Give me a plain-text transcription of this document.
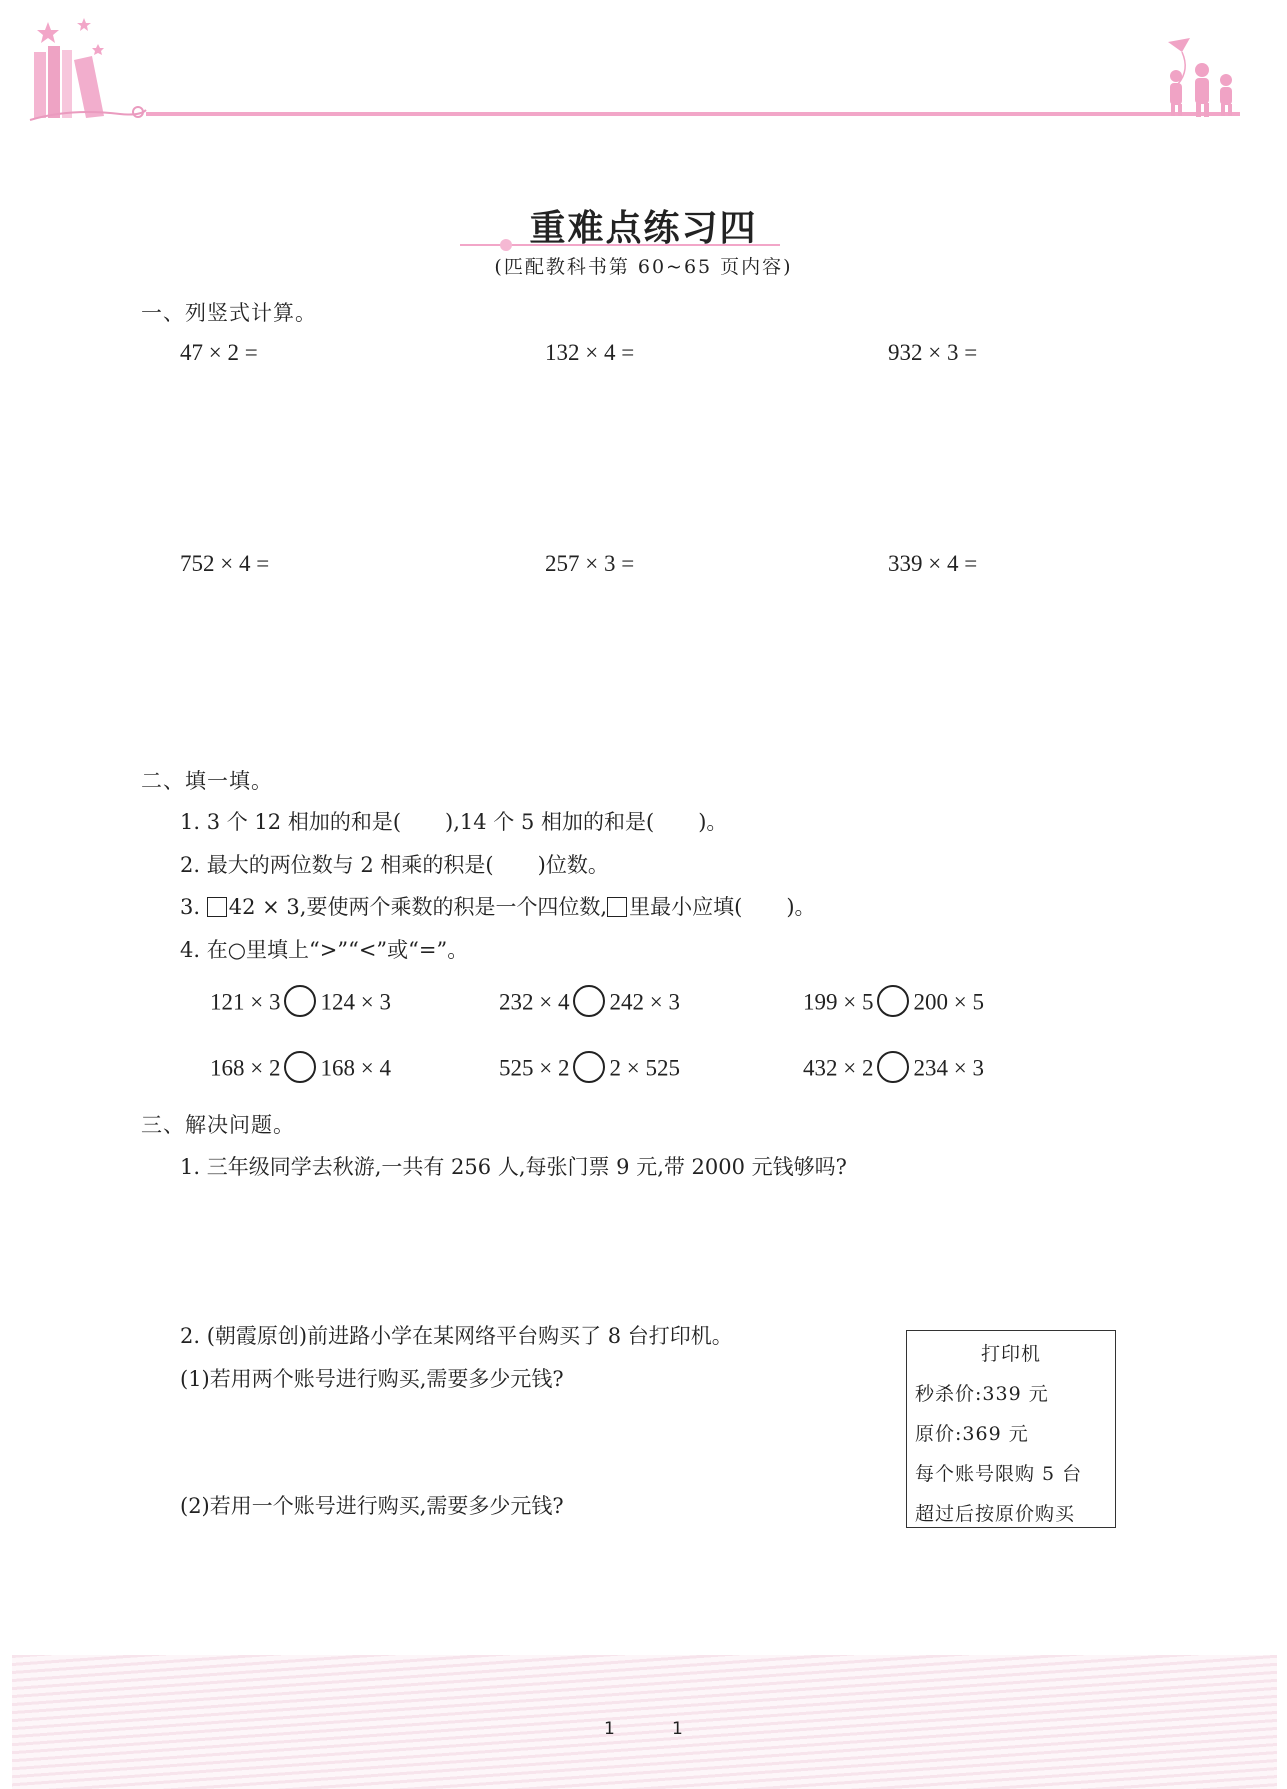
重难点练习四
(匹配教科书第 60~65 页内容)
一、列竖式计算。
47 × 2 =	132 × 4 =	932 × 3 =
752 × 4 =	257 × 3 =	339 × 4 =
二、填一填。
1. 3 个 12 相加的和是( ),14 个 5 相加的和是( )。
2. 最大的两位数与 2 相乘的积是( )位数。
3. 42 × 3,要使两个乘数的积是一个四位数, 里最小应填( )。
4. 在○里填上“>”“<”或“=”。
121 × 3 124 × 3	232 × 4 242 × 3	199 × 5 200 × 5
168 × 2 168 × 4	525 × 2 2 × 525	432 × 2 234 × 3
三、解决问题。
1. 三年级同学去秋游,一共有 256 人,每张门票 9 元,带 2000 元钱够吗?
2. (朝霞原创)前进路小学在某网络平台购买了 8 台打印机。
(1)若用两个账号进行购买,需要多少元钱?
(2)若用一个账号进行购买,需要多少元钱?
打印机
秒杀价:339 元
原价:369 元
每个账号限购 5 台
超过后按原价购买
1	1
